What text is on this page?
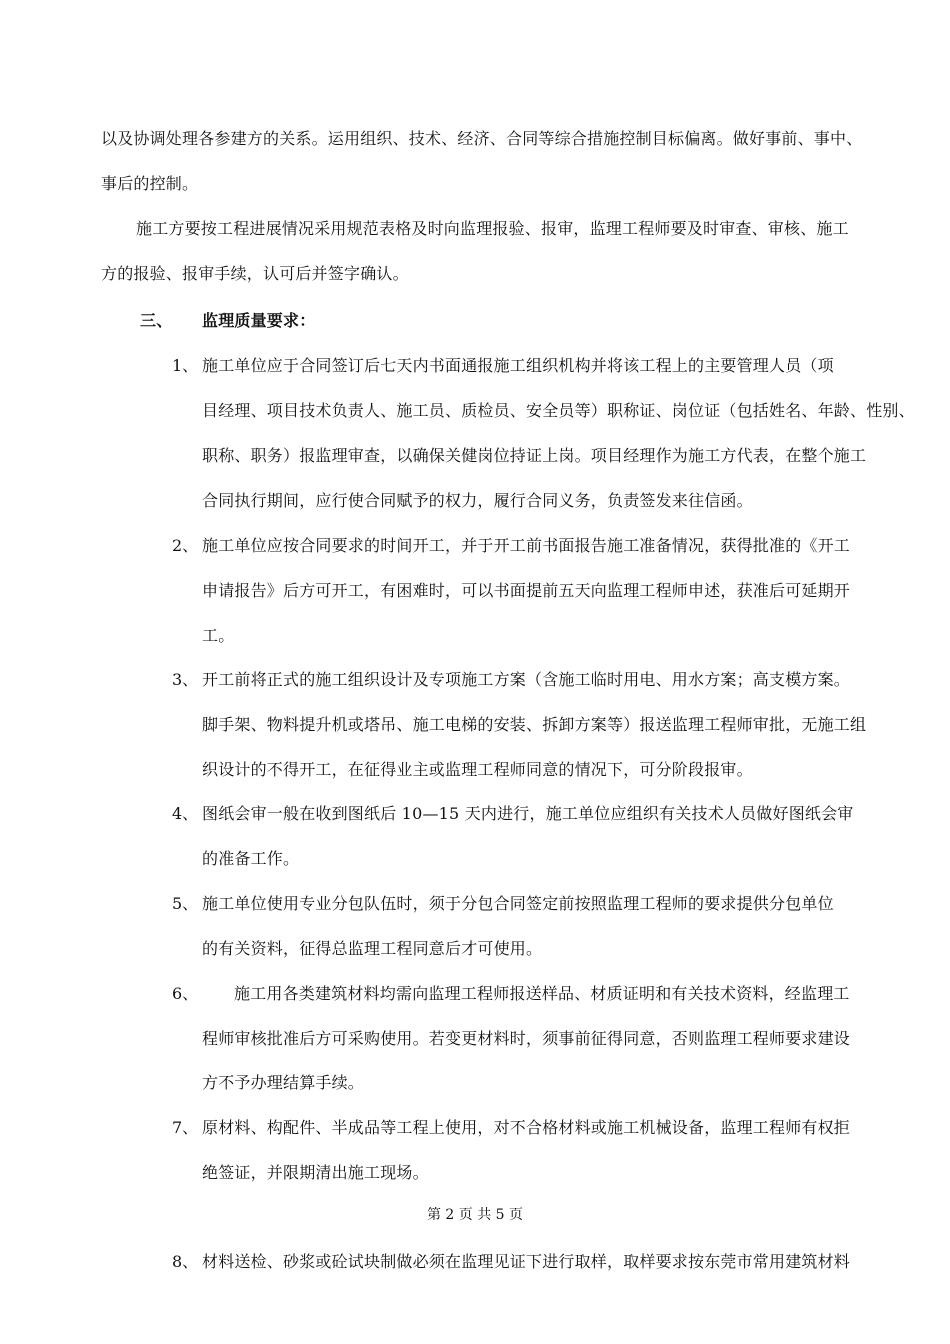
以及协调处理各参建方的关系。运用组织、技术、经济、合同等综合措施控制目标偏离。做好事前、事中、
事后的控制。
施工方要按工程进展情况采用规范表格及时向监理报验、报审，监理工程师要及时审查、审核、施工
方的报验、报审手续，认可后并签字确认。
三、 监理质量要求：
1、 施工单位应于合同签订后七天内书面通报施工组织机构并将该工程上的主要管理人员（项
目经理、项目技术负责人、施工员、质检员、安全员等）职称证、岗位证（包括姓名、年龄、性别、
职称、职务）报监理审查，以确保关健岗位持证上岗。项目经理作为施工方代表，在整个施工
合同执行期间，应行使合同赋予的权力，履行合同义务，负责签发来往信函。
2、 施工单位应按合同要求的时间开工，并于开工前书面报告施工准备情况，获得批准的《开工
申请报告》后方可开工，有困难时，可以书面提前五天向监理工程师申述，获准后可延期开
工。
3、 开工前将正式的施工组织设计及专项施工方案（含施工临时用电、用水方案；高支模方案。
脚手架、物料提升机或塔吊、施工电梯的安装、拆卸方案等）报送监理工程师审批，无施工组
织设计的不得开工，在征得业主或监理工程师同意的情况下，可分阶段报审。
4、 图纸会审一般在收到图纸后 10—15 天内进行，施工单位应组织有关技术人员做好图纸会审
的准备工作。
5、 施工单位使用专业分包队伍时，须于分包合同签定前按照监理工程师的要求提供分包单位
的有关资料，征得总监理工程同意后才可使用。
6、 施工用各类建筑材料均需向监理工程师报送样品、材质证明和有关技术资料，经监理工
程师审核批准后方可采购使用。若变更材料时，须事前征得同意，否则监理工程师要求建设
方不予办理结算手续。
7、 原材料、构配件、半成品等工程上使用，对不合格材料或施工机械设备，监理工程师有权拒
绝签证，并限期清出施工现场。
第 2 页 共 5 页
8、 材料送检、砂浆或砼试块制做必须在监理见证下进行取样，取样要求按东莞市常用建筑材料
